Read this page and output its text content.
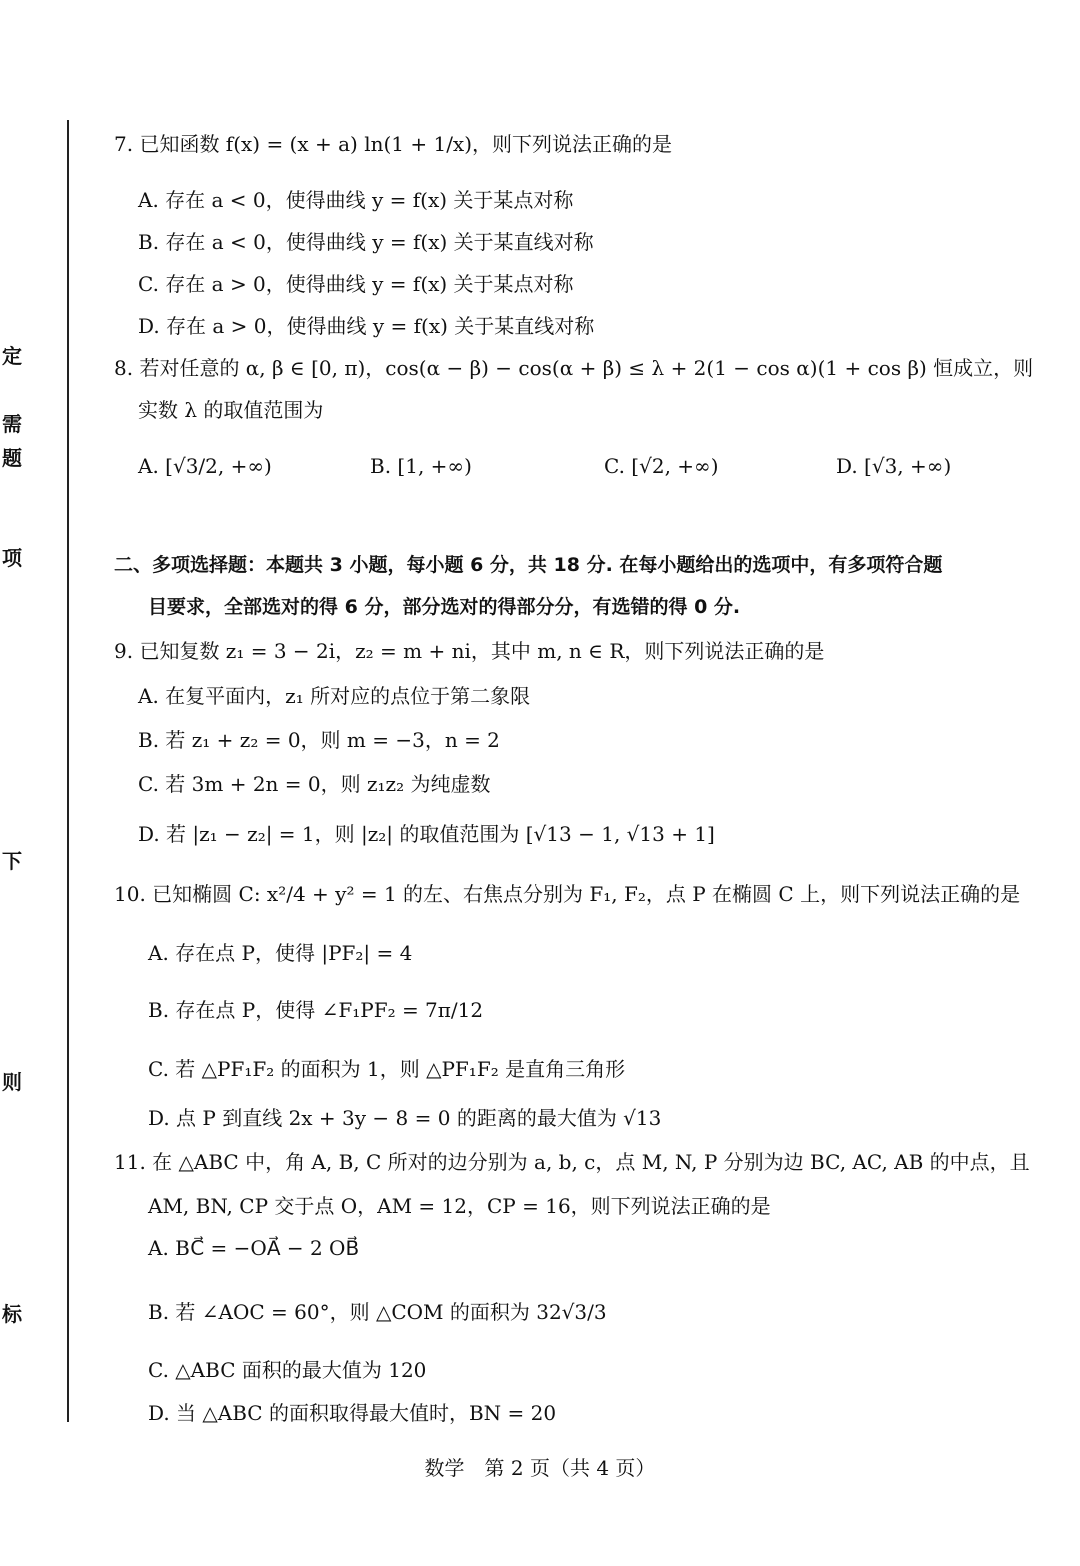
定
需
题
项
下
则
标
7. 已知函数 f(x) = (x + a) ln(1 + 1/x)，则下列说法正确的是
A. 存在 a < 0，使得曲线 y = f(x) 关于某点对称
B. 存在 a < 0，使得曲线 y = f(x) 关于某直线对称
C. 存在 a > 0，使得曲线 y = f(x) 关于某点对称
D. 存在 a > 0，使得曲线 y = f(x) 关于某直线对称
8. 若对任意的 α, β ∈ [0, π)，cos(α − β) − cos(α + β) ≤ λ + 2(1 − cos α)(1 + cos β) 恒成立，则
实数 λ 的取值范围为
A. [√3/2, +∞)	B. [1, +∞)	C. [√2, +∞)	D. [√3, +∞)
二、多项选择题：本题共 3 小题，每小题 6 分，共 18 分. 在每小题给出的选项中，有多项符合题
目要求，全部选对的得 6 分，部分选对的得部分分，有选错的得 0 分.
9. 已知复数 z₁ = 3 − 2i，z₂ = m + ni，其中 m, n ∈ R，则下列说法正确的是
A. 在复平面内，z₁ 所对应的点位于第二象限
B. 若 z₁ + z₂ = 0，则 m = −3，n = 2
C. 若 3m + 2n = 0，则 z₁z₂ 为纯虚数
D. 若 |z₁ − z₂| = 1，则 |z₂| 的取值范围为 [√13 − 1, √13 + 1]
10. 已知椭圆 C: x²/4 + y² = 1 的左、右焦点分别为 F₁, F₂，点 P 在椭圆 C 上，则下列说法正确的是
A. 存在点 P，使得 |PF₂| = 4
B. 存在点 P，使得 ∠F₁PF₂ = 7π/12
C. 若 △PF₁F₂ 的面积为 1，则 △PF₁F₂ 是直角三角形
D. 点 P 到直线 2x + 3y − 8 = 0 的距离的最大值为 √13
11. 在 △ABC 中，角 A, B, C 所对的边分别为 a, b, c，点 M, N, P 分别为边 BC, AC, AB 的中点，且
AM, BN, CP 交于点 O，AM = 12，CP = 16，则下列说法正确的是
A. BC⃗ = −OA⃗ − 2 OB⃗
B. 若 ∠AOC = 60°，则 △COM 的面积为 32√3/3
C. △ABC 面积的最大值为 120
D. 当 △ABC 的面积取得最大值时，BN = 20
数学　第 2 页（共 4 页）
